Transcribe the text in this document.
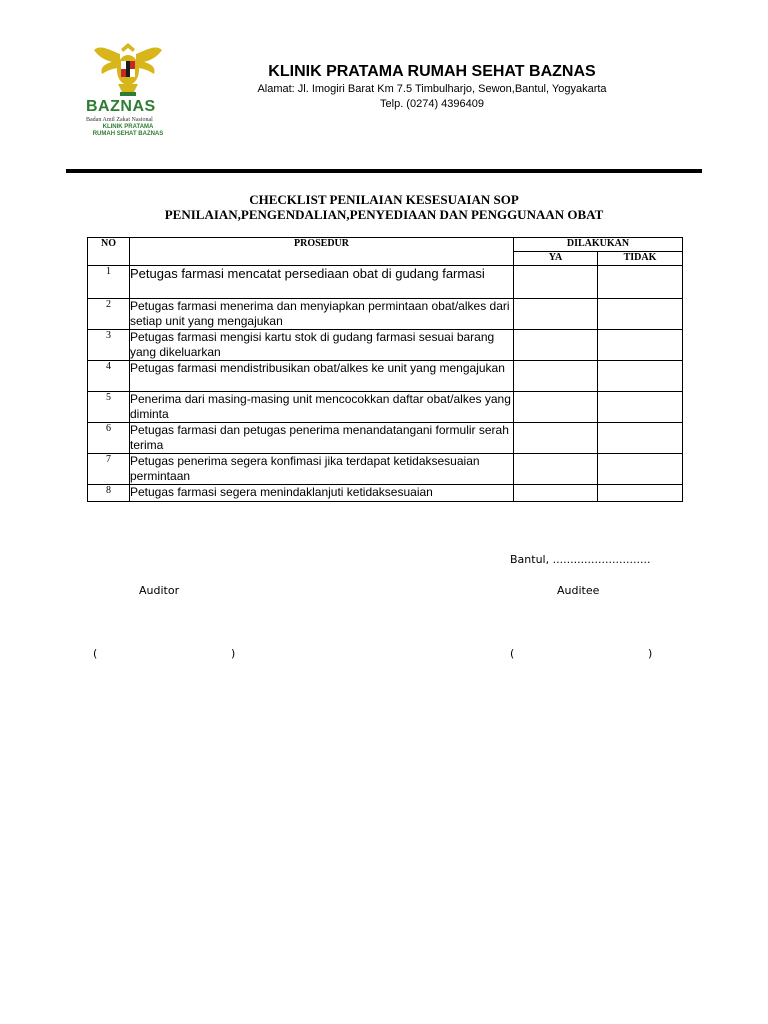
BAZNAS
Badan Amil Zakat Nasional
KLINIK PRATAMA
RUMAH SEHAT BAZNAS
KLINIK PRATAMA RUMAH SEHAT BAZNAS
Alamat: Jl. Imogiri Barat Km 7.5 Timbulharjo, Sewon,Bantul, Yogyakarta
Telp. (0274) 4396409
CHECKLIST PENILAIAN KESESUAIAN SOP
PENILAIAN,PENGENDALIAN,PENYEDIAAN DAN PENGGUNAAN OBAT
NO	PROSEDUR	DILAKUKAN	
		YA	TIDAK
1	Petugas farmasi mencatat persediaan obat di gudang farmasi		
2	Petugas farmasi menerima dan menyiapkan permintaan obat/alkes dari setiap unit yang mengajukan		
3	Petugas farmasi mengisi kartu stok di gudang farmasi sesuai barang yang dikeluarkan		
4	Petugas farmasi mendistribusikan obat/alkes ke unit yang mengajukan		
5	Penerima dari masing-masing unit mencocokkan daftar obat/alkes yang diminta		
6	Petugas farmasi dan petugas penerima menandatangani formulir serah terima		
7	Petugas penerima segera konfimasi jika terdapat ketidaksesuaian permintaan		
8	Petugas farmasi segera menindaklanjuti ketidaksesuaian		
Bantul, ............................
Auditor	Auditee
(	)	(	)
